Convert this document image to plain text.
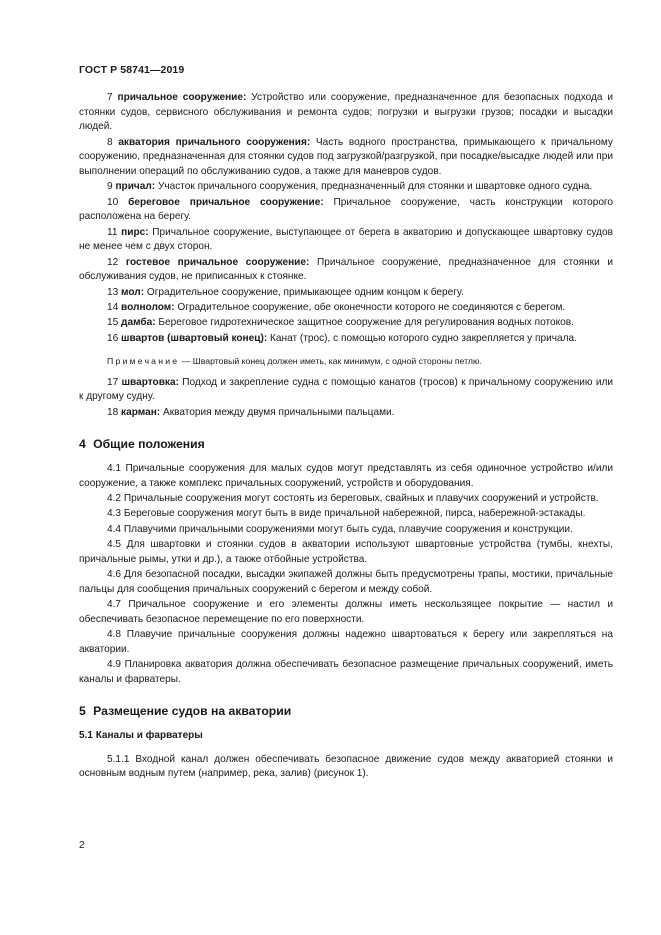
ГОСТ Р 58741—2019

7 причальное сооружение: Устройство или сооружение, предназначенное для безопасных подхода и стоянки судов, сервисного обслуживания и ремонта судов; погрузки и выгрузки грузов; посадки и высадки людей.

8 акватория причального сооружения: Часть водного пространства, примыкающего к причальному сооружению, предназначенная для стоянки судов под загрузкой/разгрузкой, при посадке/высадке людей или при выполнении операций по обслуживанию судов, а также для маневров судов.

9 причал: Участок причального сооружения, предназначенный для стоянки и швартовке одного судна.

10 береговое причальное сооружение: Причальное сооружение, часть конструкции которого расположена на берегу.

11 пирс: Причальное сооружение, выступающее от берега в акваторию и допускающее швартовку судов не менее чем с двух сторон.

12 гостевое причальное сооружение: Причальное сооружение, предназначенное для стоянки и обслуживания судов, не приписанных к стоянке.

13 мол: Оградительное сооружение, примыкающее одним концом к берегу.

14 волнолом: Оградительное сооружение, обе оконечности которого не соединяются с берегом.

15 дамба: Береговое гидротехническое защитное сооружение для регулирования водных потоков.

16 швартов (швартовый конец): Канат (трос), с помощью которого судно закрепляется у причала.

Примечание — Швартовый конец должен иметь, как минимум, с одной стороны петлю.

17 швартовка: Подход и закрепление судна с помощью канатов (тросов) к причальному сооружению или к другому судну.

18 карман: Акватория между двумя причальными пальцами.

4 Общие положения

4.1 Причальные сооружения для малых судов могут представлять из себя одиночное устройство и/или сооружение, а также комплекс причальных сооружений, устройств и оборудования.

4.2 Причальные сооружения могут состоять из береговых, свайных и плавучих сооружений и устройств.

4.3 Береговые сооружения могут быть в виде причальной набережной, пирса, набережной-эстакады.

4.4 Плавучими причальными сооружениями могут быть суда, плавучие сооружения и конструкции.

4.5 Для швартовки и стоянки судов в акватории используют швартовные устройства (тумбы, кнехты, причальные рымы, утки и др.), а также отбойные устройства.

4.6 Для безопасной посадки, высадки экипажей должны быть предусмотрены трапы, мостики, причальные пальцы для сообщения причальных сооружений с берегом и между собой.

4.7 Причальное сооружение и его элементы должны иметь нескользящее покрытие — настил и обеспечивать безопасное перемещение по его поверхности.

4.8 Плавучие причальные сооружения должны надежно швартоваться к берегу или закрепляться на акватории.

4.9 Планировка акватория должна обеспечивать безопасное размещение причальных сооружений, иметь каналы и фарватеры.

5 Размещение судов на акватории
5.1 Каналы и фарватеры

5.1.1 Входной канал должен обеспечивать безопасное движение судов между акваторией стоянки и основным водным путем (например, река, залив) (рисунок 1).

2
